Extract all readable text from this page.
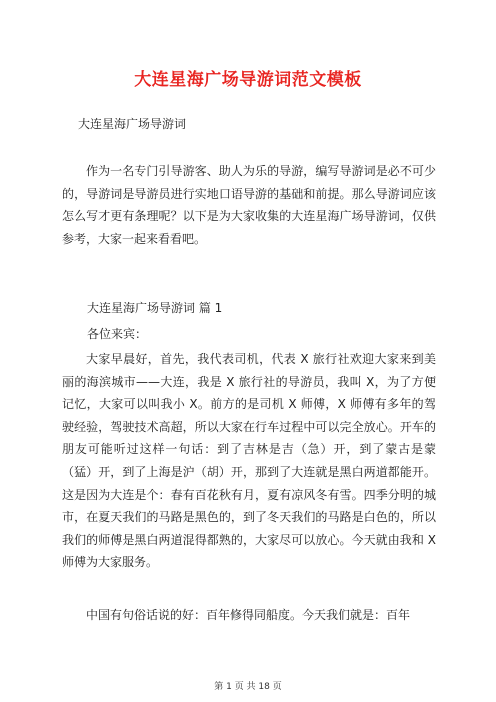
大连星海广场导游词范文模板

大连星海广场导游词

作为一名专门引导游客、助人为乐的导游，编写导游词是必不可少的，导游词是导游员进行实地口语导游的基础和前提。那么导游词应该怎么写才更有条理呢？以下是为大家收集的大连星海广场导游词，仅供参考，大家一起来看看吧。

大连星海广场导游词 篇 1

各位来宾：

大家早晨好，首先，我代表司机，代表 X 旅行社欢迎大家来到美丽的海滨城市——大连，我是 X 旅行社的导游员，我叫 X，为了方便记忆，大家可以叫我小 X。前方的是司机 X 师傅，X 师傅有多年的驾驶经验，驾驶技术高超，所以大家在行车过程中可以完全放心。开车的朋友可能听过这样一句话：到了吉林是吉（急）开，到了蒙古是蒙（猛）开，到了上海是沪（胡）开，那到了大连就是黑白两道都能开。这是因为大连是个：春有百花秋有月，夏有凉风冬有雪。四季分明的城市，在夏天我们的马路是黑色的，到了冬天我们的马路是白色的，所以我们的师傅是黑白两道混得都熟的，大家尽可以放心。今天就由我和 X 师傅为大家服务。

中国有句俗话说的好：百年修得同船度。今天我们就是：百年

第 1 页 共 18 页
